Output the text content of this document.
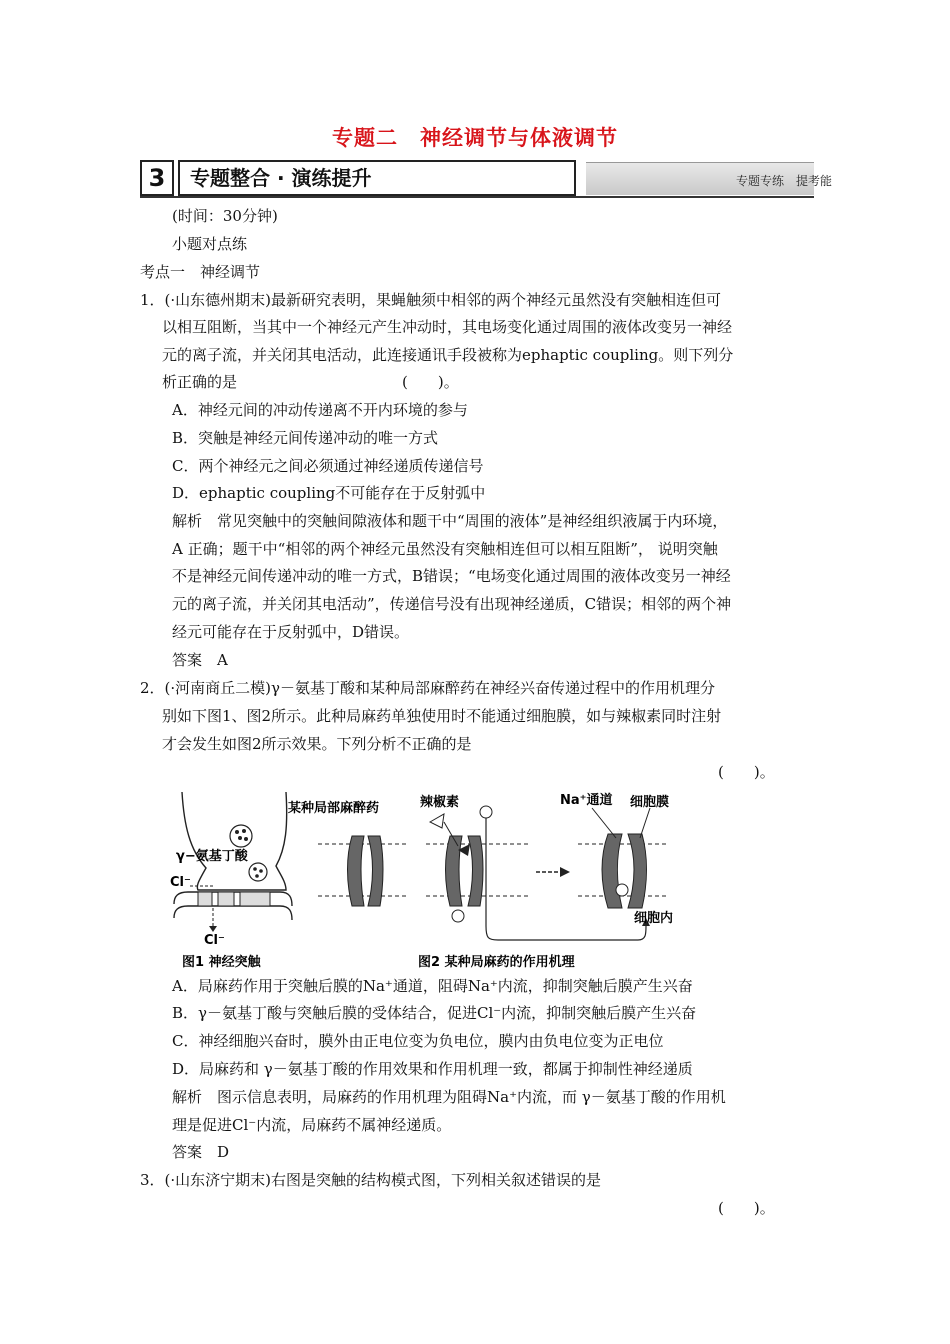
专题二　神经调节与体液调节
3	专题整合 · 演练提升	专题专练　提考能
(时间：30分钟)
小题对点练
考点一　神经调节
1．(·山东德州期末)最新研究表明，果蝇触须中相邻的两个神经元虽然没有突触相连但可
以相互阻断，当其中一个神经元产生冲动时，其电场变化通过周围的液体改变另一神经
元的离子流，并关闭其电活动，此连接通讯手段被称为ephaptic coupling。则下列分
析正确的是　　　　　　　　　　　(　　)。
A．神经元间的冲动传递离不开内环境的参与
B．突触是神经元间传递冲动的唯一方式
C．两个神经元之间必须通过神经递质传递信号
D．ephaptic coupling不可能存在于反射弧中
解析　常见突触中的突触间隙液体和题干中“周围的液体”是神经组织液属于内环境，
A 正确；题干中“相邻的两个神经元虽然没有突触相连但可以相互阻断”， 说明突触
不是神经元间传递冲动的唯一方式，B错误；“电场变化通过周围的液体改变另一神经
元的离子流，并关闭其电活动”，传递信号没有出现神经递质，C错误；相邻的两个神
经元可能存在于反射弧中，D错误。
答案　A
2．(·河南商丘二模)γ－氨基丁酸和某种局部麻醉药在神经兴奋传递过程中的作用机理分
别如下图1、图2所示。此种局麻药单独使用时不能通过细胞膜，如与辣椒素同时注射
才会发生如图2所示效果。下列分析不正确的是
(　　)。
γ−氨基丁酸
Cl⁻
Cl⁻
图1 神经突触
某种局部麻醉药	辣椒素	Na⁺通道 细胞膜
细胞内
图2 某种局麻药的作用机理
A．局麻药作用于突触后膜的Na⁺通道，阻碍Na⁺内流，抑制突触后膜产生兴奋
B．γ－氨基丁酸与突触后膜的受体结合，促进Cl⁻内流，抑制突触后膜产生兴奋
C．神经细胞兴奋时，膜外由正电位变为负电位，膜内由负电位变为正电位
D．局麻药和 γ－氨基丁酸的作用效果和作用机理一致，都属于抑制性神经递质
解析　图示信息表明，局麻药的作用机理为阻碍Na⁺内流，而 γ－氨基丁酸的作用机
理是促进Cl⁻内流，局麻药不属神经递质。
答案　D
3．(·山东济宁期末)右图是突触的结构模式图，下列相关叙述错误的是
(　　)。
